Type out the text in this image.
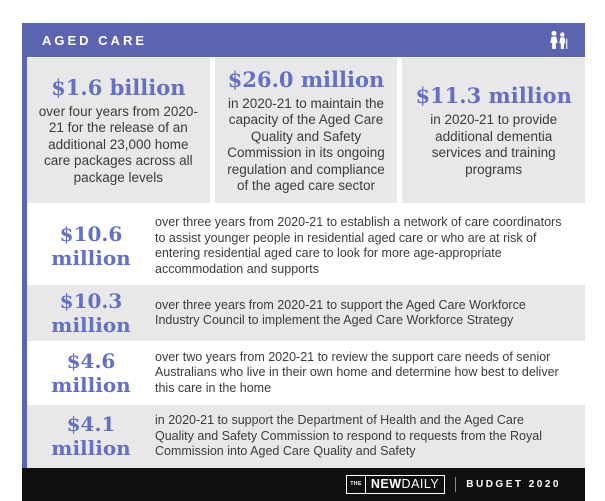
AGED CARE
$1.6 billion
over four years from 2020-21 for the release of an additional 23,000 home care packages across all package levels
$26.0 million
in 2020-21 to maintain the capacity of the Aged Care Quality and Safety Commission in its ongoing regulation and compliance of the aged care sector
$11.3 million
in 2020-21 to provide additional dementia services and training programs
$10.6 million
over three years from 2020-21 to establish a network of care coordinators to assist younger people in residential aged care or who are at risk of entering residential aged care to look for more age-appropriate accommodation and supports
$10.3 million
over three years from 2020-21 to support the Aged Care Workforce Industry Council to implement the Aged Care Workforce Strategy
$4.6 million
over two years from 2020-21 to review the support care needs of senior Australians who live in their own home and determine how best to deliver this care in the home
$4.1 million
in 2020-21 to support the Department of Health and the Aged Care Quality and Safety Commission to respond to requests from the Royal Commission into Aged Care Quality and Safety
THE NEW DAILY	BUDGET 2020
